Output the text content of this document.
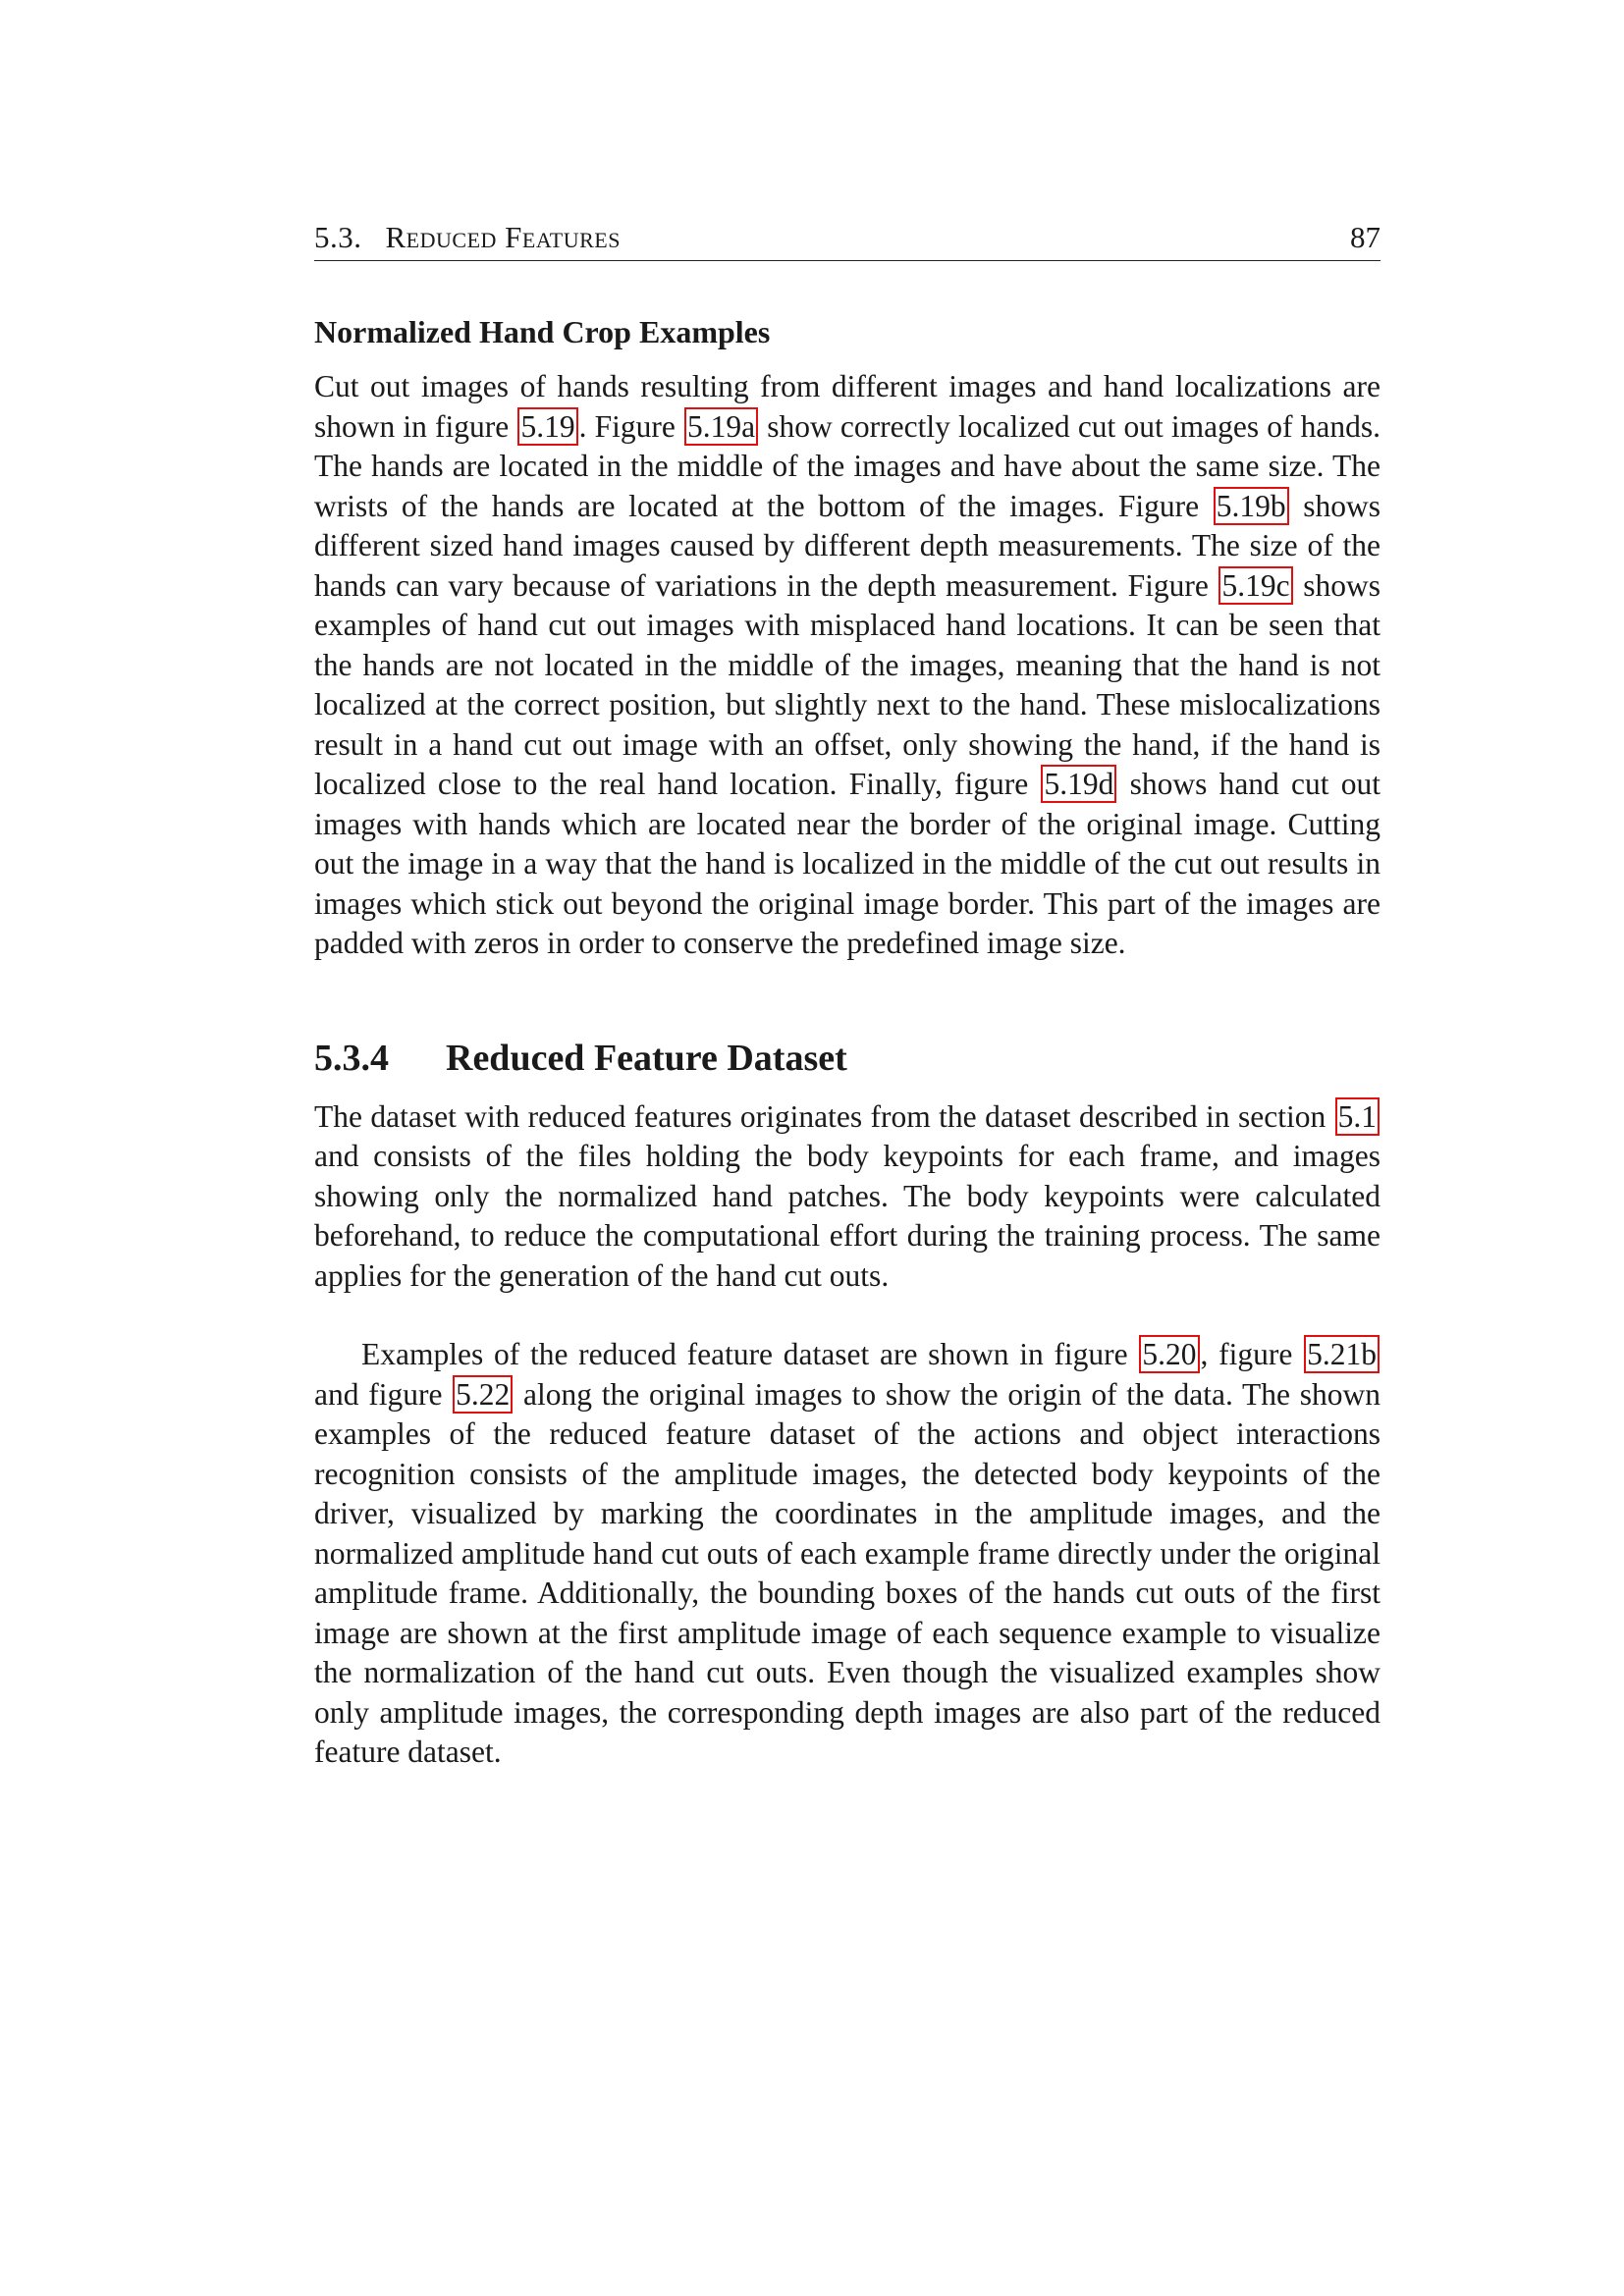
5.3. Reduced Features	87
Normalized Hand Crop Examples

Cut out images of hands resulting from different images and hand localizations are shown in figure 5.19 . Figure 5.19a show correctly localized cut out images of hands. The hands are located in the middle of the images and have about the same size. The wrists of the hands are located at the bottom of the images. Figure 5.19b shows different sized hand images caused by different depth measurements. The size of the hands can vary because of variations in the depth measurement. Figure 5.19c shows examples of hand cut out images with misplaced hand locations. It can be seen that the hands are not located in the middle of the images, meaning that the hand is not localized at the correct position, but slightly next to the hand. These mislocalizations result in a hand cut out image with an offset, only showing the hand, if the hand is localized close to the real hand location. Finally, figure 5.19d shows hand cut out images with hands which are located near the border of the original image. Cutting out the image in a way that the hand is localized in the middle of the cut out results in images which stick out beyond the original image border. This part of the images are padded with zeros in order to conserve the predefined image size.

5.3.4	Reduced Feature Dataset

The dataset with reduced features originates from the dataset described in section 5.1 and consists of the files holding the body keypoints for each frame, and images showing only the normalized hand patches. The body keypoints were calculated beforehand, to reduce the computational effort during the training process. The same applies for the generation of the hand cut outs.

Examples of the reduced feature dataset are shown in figure 5.20 , figure 5.21b and figure 5.22 along the original images to show the origin of the data. The shown examples of the reduced feature dataset of the actions and object interactions recognition consists of the amplitude images, the detected body keypoints of the driver, visualized by marking the coordinates in the amplitude images, and the normalized amplitude hand cut outs of each example frame directly under the original amplitude frame. Additionally, the bounding boxes of the hands cut outs of the first image are shown at the first amplitude image of each sequence example to visualize the normalization of the hand cut outs. Even though the visualized examples show only amplitude images, the corresponding depth images are also part of the reduced feature dataset.
